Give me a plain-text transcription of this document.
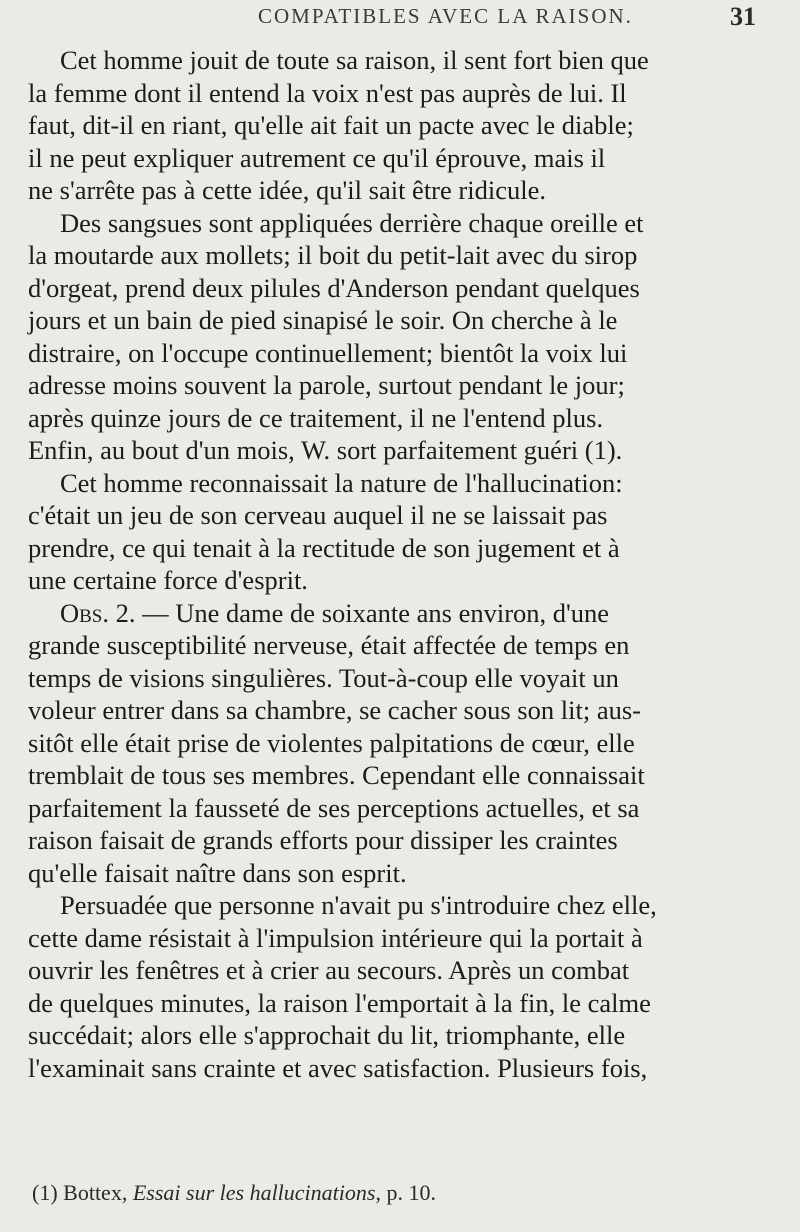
COMPATIBLES AVEC LA RAISON.	31

Cet homme jouit de toute sa raison, il sent fort bien que
la femme dont il entend la voix n'est pas auprès de lui. Il
faut, dit-il en riant, qu'elle ait fait un pacte avec le diable;
il ne peut expliquer autrement ce qu'il éprouve, mais il
ne s'arrête pas à cette idée, qu'il sait être ridicule.

Des sangsues sont appliquées derrière chaque oreille et
la moutarde aux mollets; il boit du petit-lait avec du sirop
d'orgeat, prend deux pilules d'Anderson pendant quelques
jours et un bain de pied sinapisé le soir. On cherche à le
distraire, on l'occupe continuellement; bientôt la voix lui
adresse moins souvent la parole, surtout pendant le jour;
après quinze jours de ce traitement, il ne l'entend plus.
Enfin, au bout d'un mois, W. sort parfaitement guéri (1).

Cet homme reconnaissait la nature de l'hallucination:
c'était un jeu de son cerveau auquel il ne se laissait pas
prendre, ce qui tenait à la rectitude de son jugement et à
une certaine force d'esprit.

Obs. 2. — Une dame de soixante ans environ, d'une
grande susceptibilité nerveuse, était affectée de temps en
temps de visions singulières. Tout-à-coup elle voyait un
voleur entrer dans sa chambre, se cacher sous son lit; aus-
sitôt elle était prise de violentes palpitations de cœur, elle
tremblait de tous ses membres. Cependant elle connaissait
parfaitement la fausseté de ses perceptions actuelles, et sa
raison faisait de grands efforts pour dissiper les craintes
qu'elle faisait naître dans son esprit.

Persuadée que personne n'avait pu s'introduire chez elle,
cette dame résistait à l'impulsion intérieure qui la portait à
ouvrir les fenêtres et à crier au secours. Après un combat
de quelques minutes, la raison l'emportait à la fin, le calme
succédait; alors elle s'approchait du lit, triomphante, elle
l'examinait sans crainte et avec satisfaction. Plusieurs fois,

(1) Bottex, Essai sur les hallucinations, p. 10.
